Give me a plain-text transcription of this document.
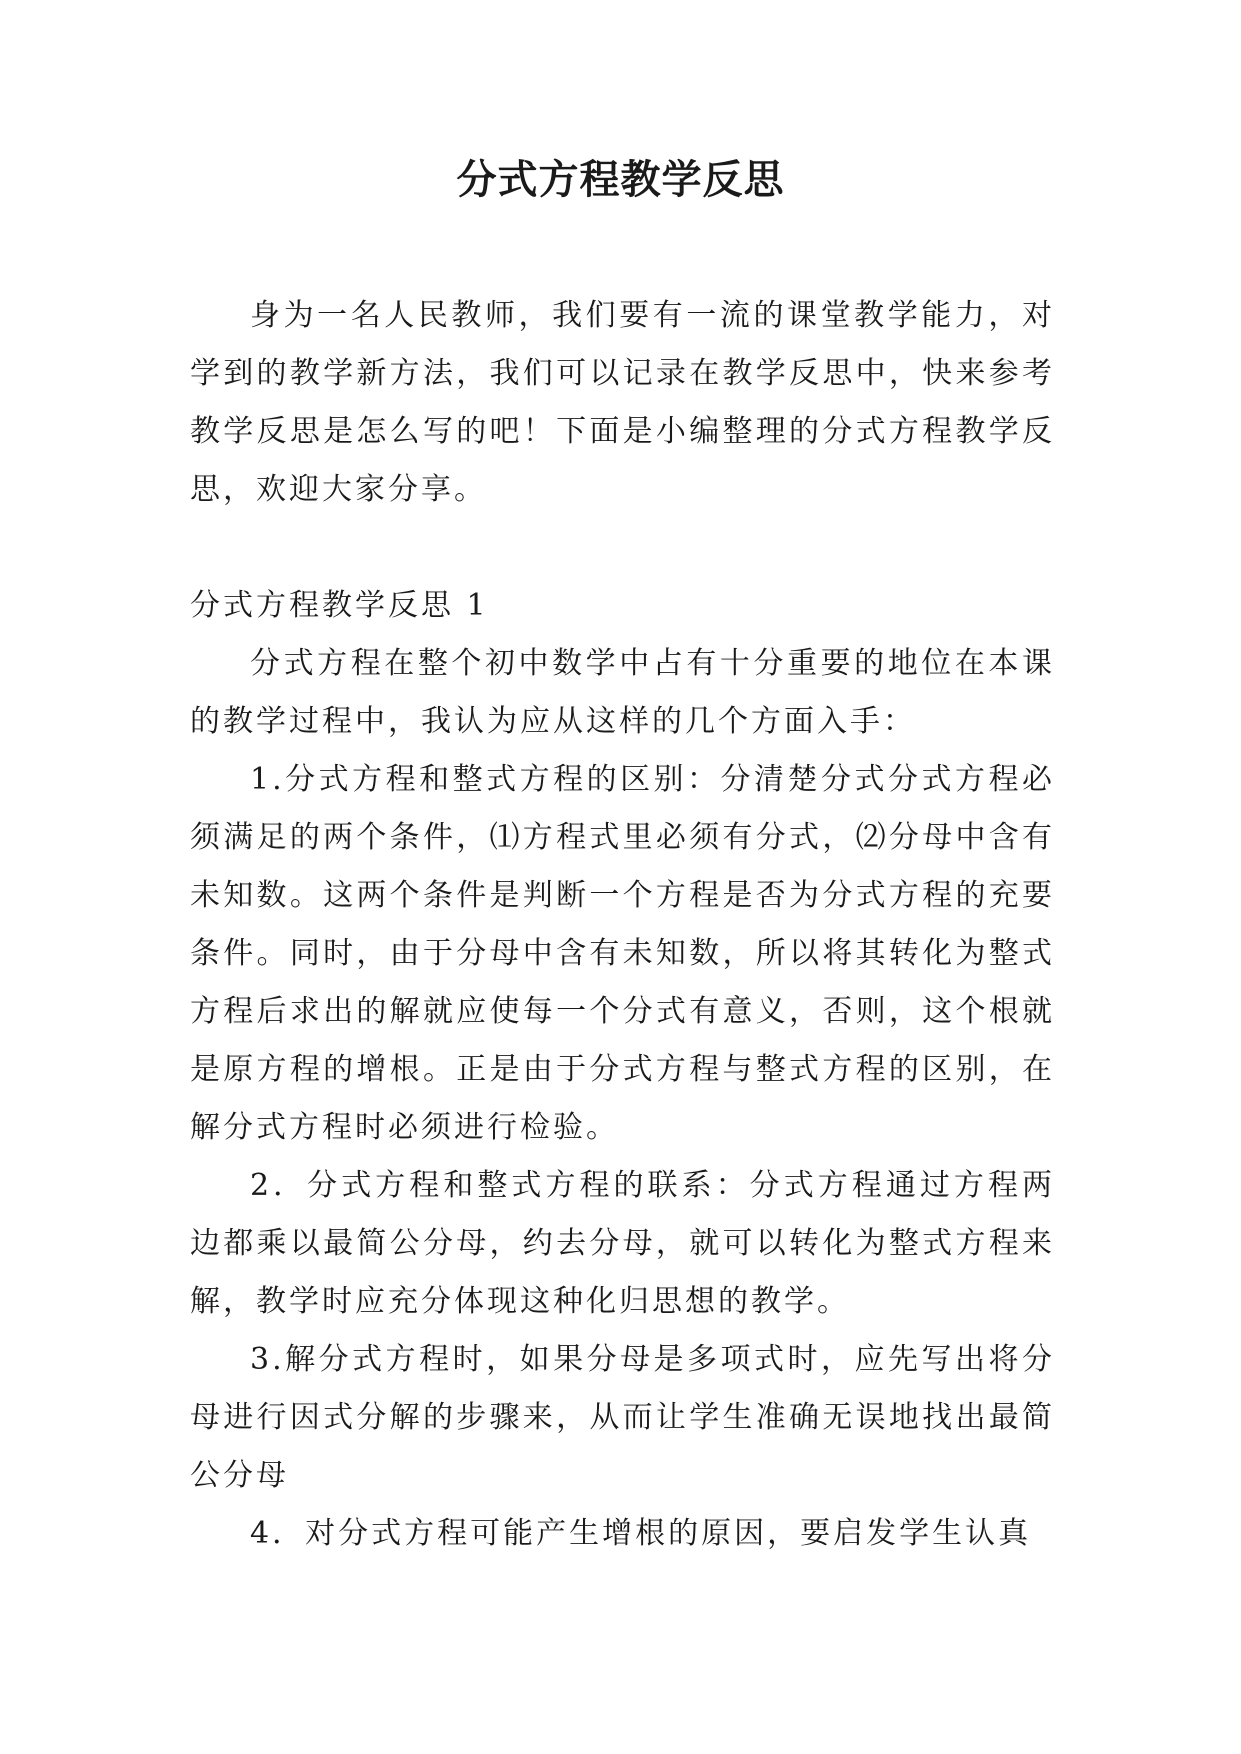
分式方程教学反思

身为一名人民教师，我们要有一流的课堂教学能力，对学到的教学新方法，我们可以记录在教学反思中，快来参考教学反思是怎么写的吧！下面是小编整理的分式方程教学反思，欢迎大家分享。

分式方程教学反思 1

分式方程在整个初中数学中占有十分重要的地位在本课的教学过程中，我认为应从这样的几个方面入手：

1.分式方程和整式方程的区别：分清楚分式分式方程必须满足的两个条件，⑴方程式里必须有分式，⑵分母中含有未知数。这两个条件是判断一个方程是否为分式方程的充要条件。同时，由于分母中含有未知数，所以将其转化为整式方程后求出的解就应使每一个分式有意义，否则，这个根就是原方程的增根。正是由于分式方程与整式方程的区别，在解分式方程时必须进行检验。

2．分式方程和整式方程的联系：分式方程通过方程两边都乘以最简公分母，约去分母，就可以转化为整式方程来解，教学时应充分体现这种化归思想的教学。

3.解分式方程时，如果分母是多项式时，应先写出将分母进行因式分解的步骤来，从而让学生准确无误地找出最简公分母

4．对分式方程可能产生增根的原因，要启发学生认真
